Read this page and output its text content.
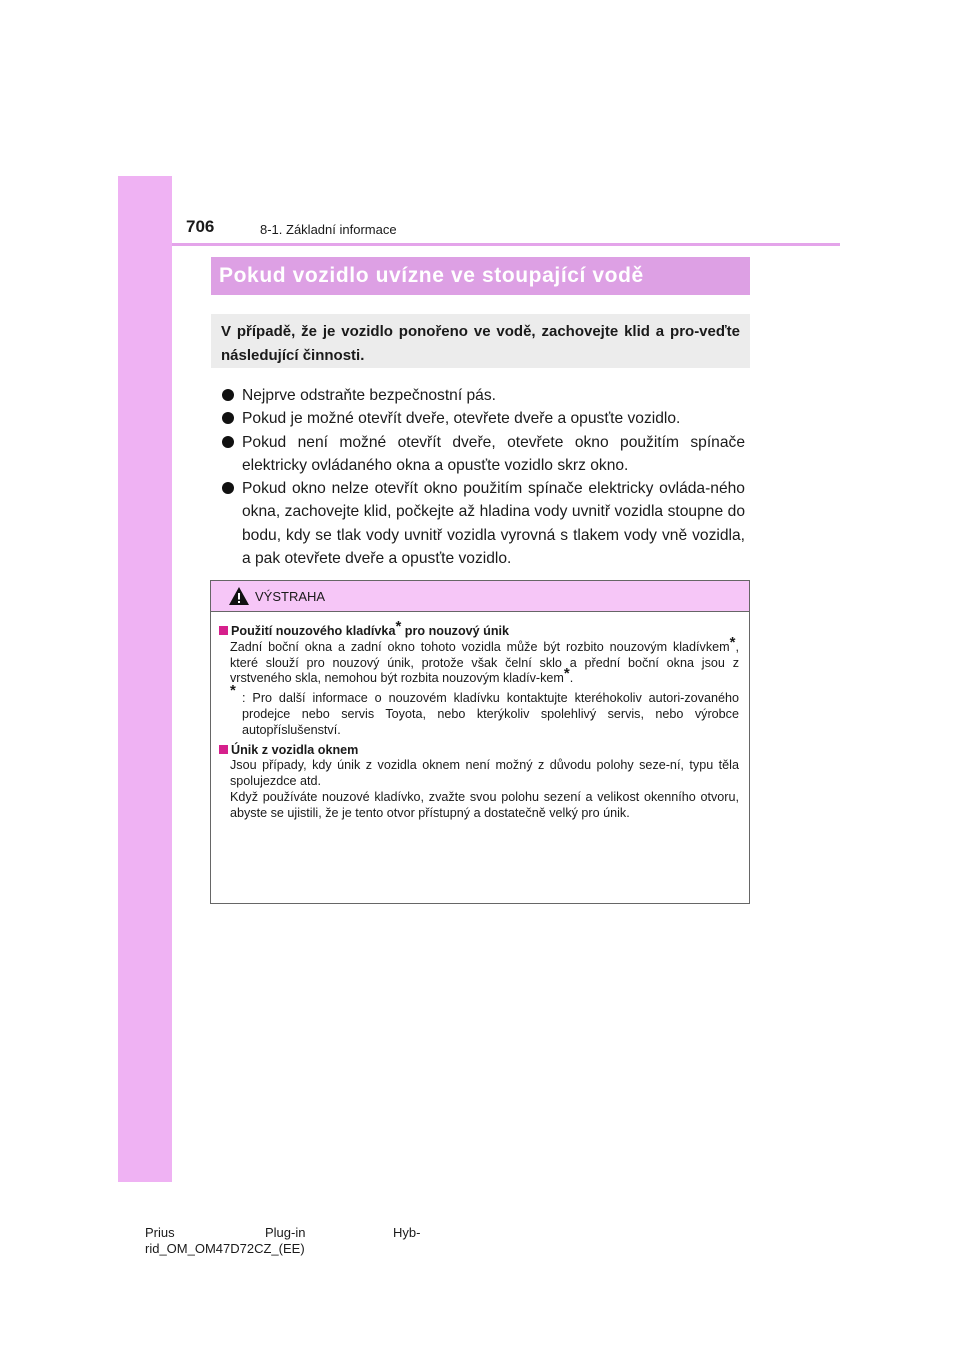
706	8-1. Základní informace
Pokud vozidlo uvízne ve stoupající vodě
V případě, že je vozidlo ponořeno ve vodě, zachovejte klid a pro-veďte následující činnosti.
Nejprve odstraňte bezpečnostní pás.
Pokud je možné otevřít dveře, otevřete dveře a opusťte vozidlo.
Pokud není možné otevřít dveře, otevřete okno použitím spínače elektricky ovládaného okna a opusťte vozidlo skrz okno.
Pokud okno nelze otevřít okno použitím spínače elektricky ovláda-ného okna, zachovejte klid, počkejte až hladina vody uvnitř vozidla stoupne do bodu, kdy se tlak vody uvnitř vozidla vyrovná s tlakem vody vně vozidla, a pak otevřete dveře a opusťte vozidlo.
VÝSTRAHA
Použití nouzového kladívka* pro nouzový únik
Zadní boční okna a zadní okno tohoto vozidla může být rozbito nouzovým kladívkem*, které slouží pro nouzový únik, protože však čelní sklo a přední boční okna jsou z vrstveného skla, nemohou být rozbita nouzovým kladív-kem*.
* : Pro další informace o nouzovém kladívku kontaktujte kteréhokoliv autori-zovaného prodejce nebo servis Toyota, nebo kterýkoliv spolehlivý servis, nebo výrobce autopříslušenství.
Únik z vozidla oknem
Jsou případy, kdy únik z vozidla oknem není možný z důvodu polohy seze-ní, typu těla spolujezdce atd.
Když používáte nouzové kladívko, zvažte svou polohu sezení a velikost okenního otvoru, abyste se ujistili, že je tento otvor přístupný a dostatečně velký pro únik.
Prius	Plug-in	Hyb-
rid_OM_OM47D72CZ_(EE)
